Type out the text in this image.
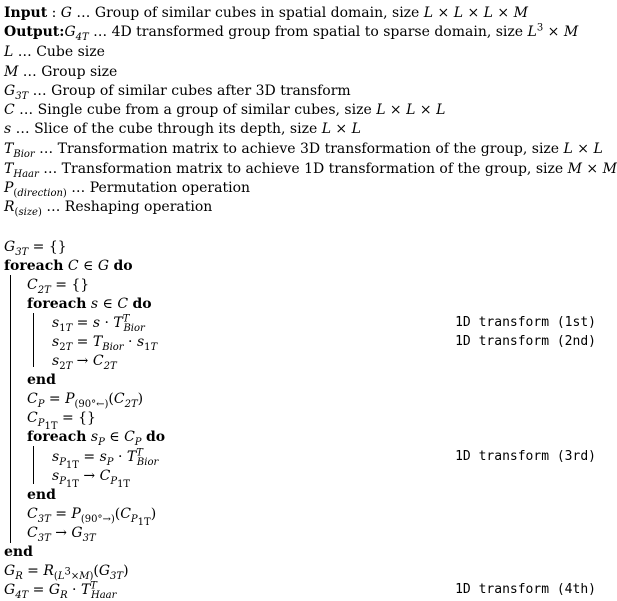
Input : G … Group of similar cubes in spatial domain, size L × L × L × M
$Output:G_{4T}$ … 4D transformed group from spatial to sparse domain, size $L^3 \times M$
L … Cube size
M … Group size
$G_{3T}$ … Group of similar cubes after 3D transform
C … Single cube from a group of similar cubes, size L × L × L
s … Slice of the cube through its depth, size L × L
$T_{Bior}$ … Transformation matrix to achieve 3D transformation of the group, size L × L
$T_{Haar}$ … Transformation matrix to achieve 1D transformation of the group, size M × M
$P_{(direction)}$ … Permutation operation
$R_{(size)}$ … Reshaping operation
$G_{3T}$ = {}
foreach C ∈ G do
$C_{2T}$ = {}
foreach s ∈ C do
$s_{1T} = s \cdot T^T_{Bior}$	1D transform (1st)
$s_{2T} = T_{Bior} \cdot s_{1T}$	1D transform (2nd)
$s_{2T} \to C_{2T}$
end
$C_P = P_{(90^\circ\leftarrow)}(C_{2T})$
$C_{P_{1T}}$ = {}
foreach $s_P$ ∈ $C_P$ do
$s_{P_{1T}} = s_P \cdot T^T_{Bior}$	1D transform (3rd)
$s_{P_{1T}} \to C_{P_{1T}}$
end
$C_{3T} = P_{(90^\circ\to)}(C_{P_{1T}})$
$C_{3T} \to G_{3T}$
end
$G_R = R_{(L^3\times M)}(G_{3T})$
$G_{4T} = G_R \cdot T^T_{Haar}$	1D transform (4th)
